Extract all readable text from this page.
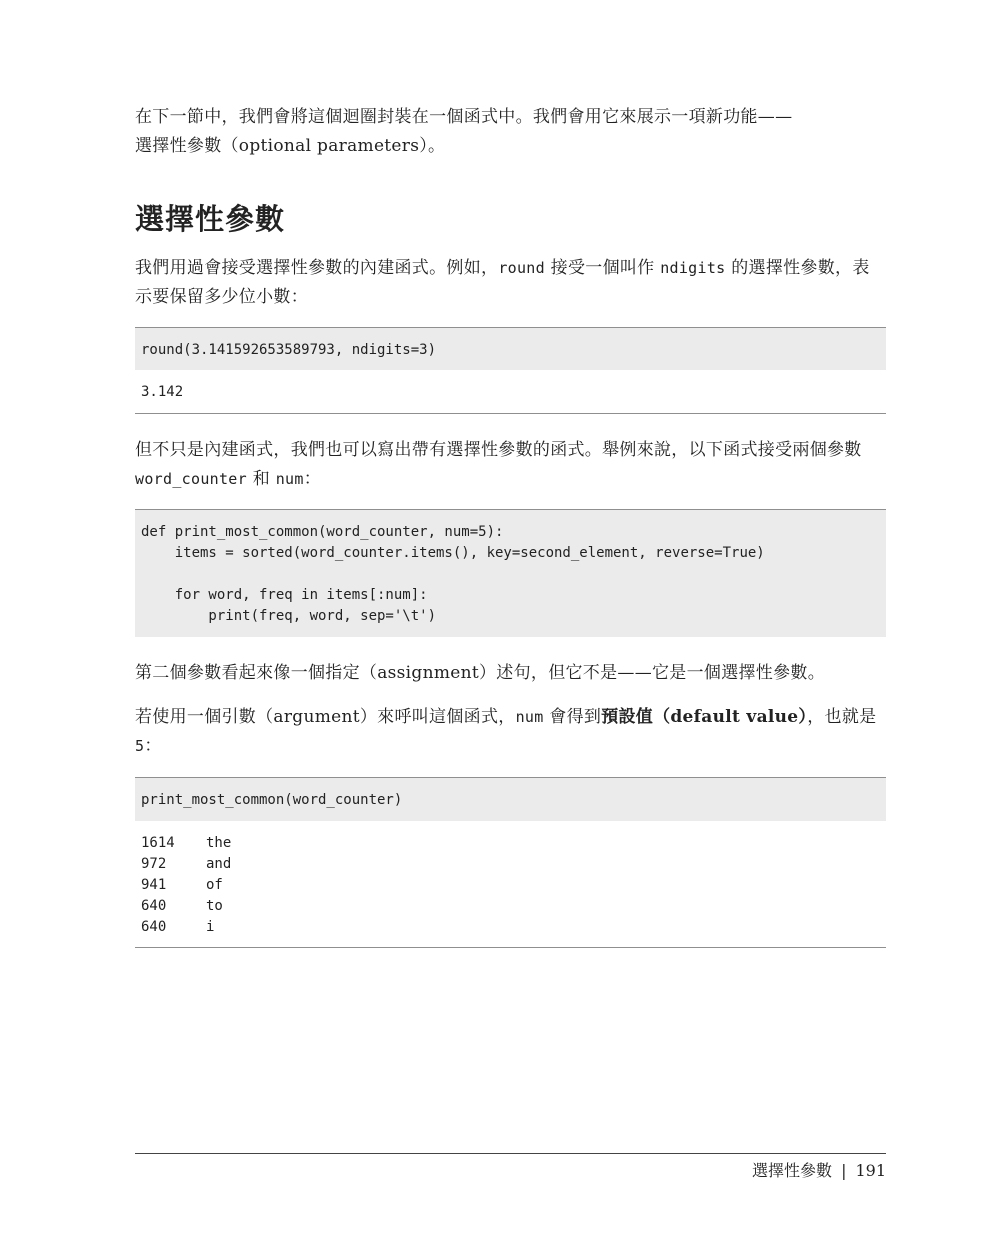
在下一節中，我們會將這個迴圈封裝在一個函式中。我們會用它來展示一項新功能——
選擇性參數（optional parameters）。

選擇性參數

我們用過會接受選擇性參數的內建函式。例如，round 接受一個叫作 ndigits 的選擇性參數，表示要保留多少位小數：

round(3.141592653589793, ndigits=3)
3.142

但不只是內建函式，我們也可以寫出帶有選擇性參數的函式。舉例來說，以下函式接受兩個參數 word_counter 和 num：

def print_most_common(word_counter, num=5):
items = sorted(word_counter.items(), key=second_element, reverse=True)

for word, freq in items[:num]:
print(freq, word, sep='\t')

第二個參數看起來像一個指定（assignment）述句，但它不是——它是一個選擇性參數。

若使用一個引數（argument）來呼叫這個函式，num 會得到預設值（default value），也就是 5：

print_most_common(word_counter)
1614	the
972	and
941	of
640	to
640	i
選擇性參數 | 191
